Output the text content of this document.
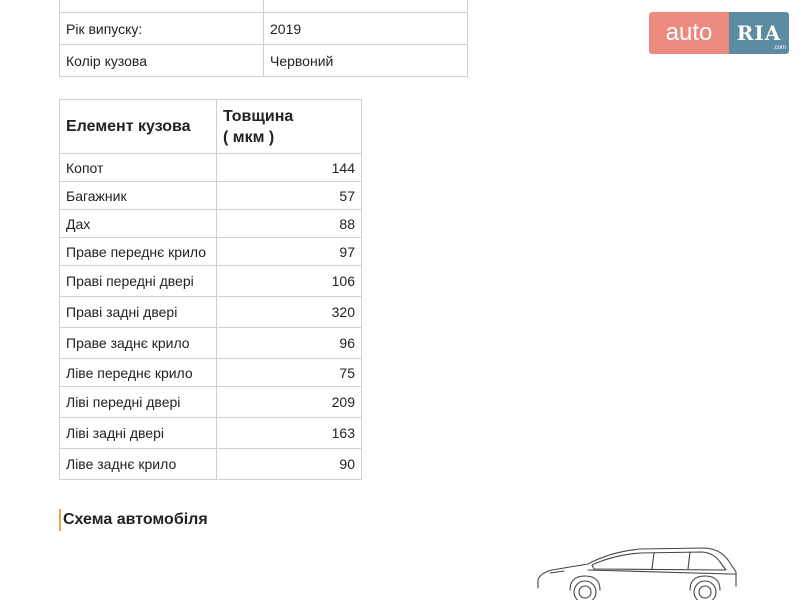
Рік випуску:	2019
Колір кузова	Червоний
auto	RIA
.com
Елемент кузова	Товщина
( мкм )
Копот	144
Багажник	57
Дах	88
Праве переднє крило	97
Праві передні двері	106
Праві задні двері	320
Праве заднє крило	96
Ліве переднє крило	75
Ліві передні двері	209
Ліві задні двері	163
Ліве заднє крило	90
Схема автомобіля
